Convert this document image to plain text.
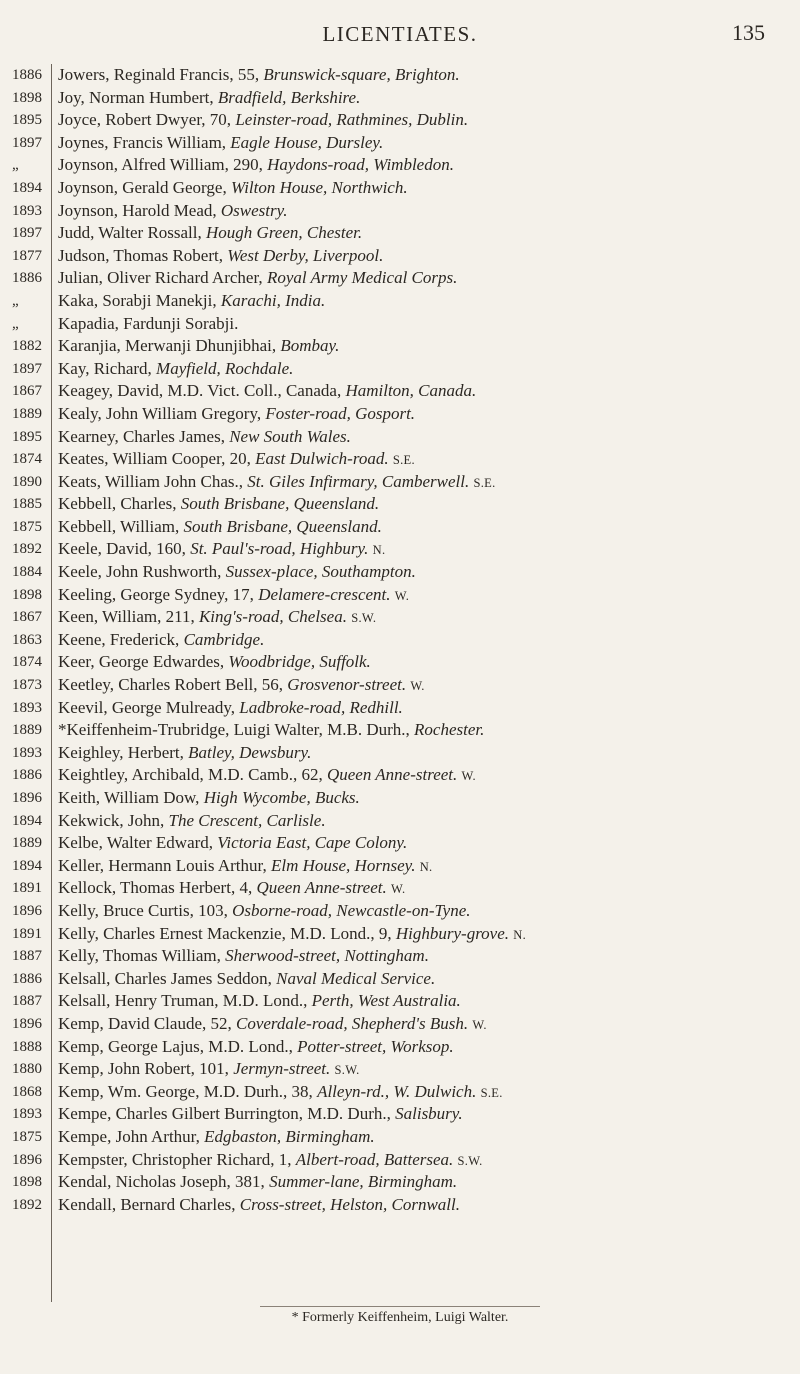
LICENTIATES.	135
1886 Jowers, Reginald Francis, 55, Brunswick-square, Brighton.
1898 Joy, Norman Humbert, Bradfield, Berkshire.
1895 Joyce, Robert Dwyer, 70, Leinster-road, Rathmines, Dublin.
1897 Joynes, Francis William, Eagle House, Dursley.
„	Joynson, Alfred William, 290, Haydons-road, Wimbledon.
1894 Joynson, Gerald George, Wilton House, Northwich.
1893 Joynson, Harold Mead, Oswestry.
1897 Judd, Walter Rossall, Hough Green, Chester.
1877 Judson, Thomas Robert, West Derby, Liverpool.
1886 Julian, Oliver Richard Archer, Royal Army Medical Corps.
„	Kaka, Sorabji Manekji, Karachi, India.
„	Kapadia, Fardunji Sorabji.
1882 Karanjia, Merwanji Dhunjibhai, Bombay.
1897 Kay, Richard, Mayfield, Rochdale.
1867 Keagey, David, M.D. Vict. Coll., Canada, Hamilton, Canada.
1889 Kealy, John William Gregory, Foster-road, Gosport.
1895 Kearney, Charles James, New South Wales.
1874 Keates, William Cooper, 20, East Dulwich-road. S.E.
1890 Keats, William John Chas., St. Giles Infirmary, Camberwell. S.E.
1885 Kebbell, Charles, South Brisbane, Queensland.
1875 Kebbell, William, South Brisbane, Queensland.
1892 Keele, David, 160, St. Paul's-road, Highbury. N.
1884 Keele, John Rushworth, Sussex-place, Southampton.
1898 Keeling, George Sydney, 17, Delamere-crescent. W.
1867 Keen, William, 211, King's-road, Chelsea. S.W.
1863 Keene, Frederick, Cambridge.
1874 Keer, George Edwardes, Woodbridge, Suffolk.
1873 Keetley, Charles Robert Bell, 56, Grosvenor-street. W.
1893 Keevil, George Mulready, Ladbroke-road, Redhill.
1889 *Keiffenheim-Trubridge, Luigi Walter, M.B. Durh., Rochester.
1893 Keighley, Herbert, Batley, Dewsbury.
1886 Keightley, Archibald, M.D. Camb., 62, Queen Anne-street. W.
1896 Keith, William Dow, High Wycombe, Bucks.
1894 Kekwick, John, The Crescent, Carlisle.
1889 Kelbe, Walter Edward, Victoria East, Cape Colony.
1894 Keller, Hermann Louis Arthur, Elm House, Hornsey. N.
1891 Kellock, Thomas Herbert, 4, Queen Anne-street. W.
1896 Kelly, Bruce Curtis, 103, Osborne-road, Newcastle-on-Tyne.
1891 Kelly, Charles Ernest Mackenzie, M.D. Lond., 9, Highbury-grove. N.
1887 Kelly, Thomas William, Sherwood-street, Nottingham.
1886 Kelsall, Charles James Seddon, Naval Medical Service.
1887 Kelsall, Henry Truman, M.D. Lond., Perth, West Australia.
1896 Kemp, David Claude, 52, Coverdale-road, Shepherd's Bush. W.
1888 Kemp, George Lajus, M.D. Lond., Potter-street, Worksop.
1880 Kemp, John Robert, 101, Jermyn-street. S.W.
1868 Kemp, Wm. George, M.D. Durh., 38, Alleyn-rd., W. Dulwich. S.E.
1893 Kempe, Charles Gilbert Burrington, M.D. Durh., Salisbury.
1875 Kempe, John Arthur, Edgbaston, Birmingham.
1896 Kempster, Christopher Richard, 1, Albert-road, Battersea. S.W.
1898 Kendal, Nicholas Joseph, 381, Summer-lane, Birmingham.
1892 Kendall, Bernard Charles, Cross-street, Helston, Cornwall.
* Formerly Keiffenheim, Luigi Walter.
